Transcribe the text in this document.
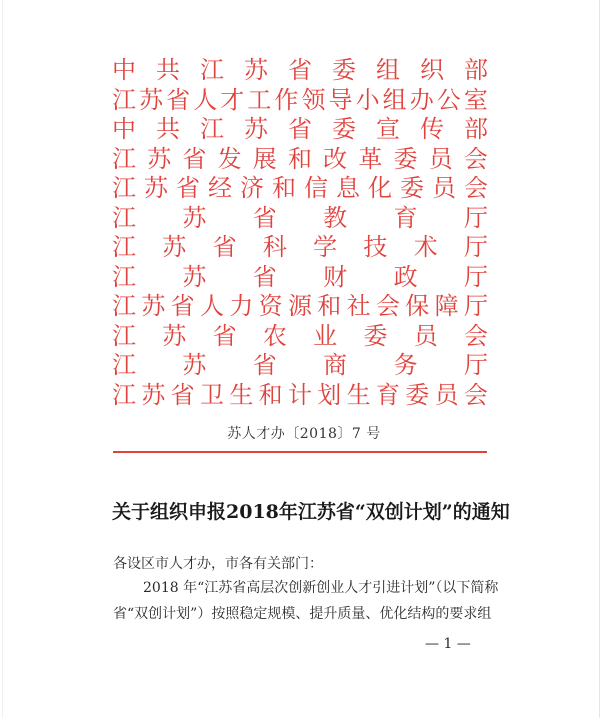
中 共 江 苏 省 委 组 织 部
江 苏 省 人 才 工 作 领 导 小 组 办 公 室
中 共 江 苏 省 委 宣 传 部
江 苏 省 发 展 和 改 革 委 员 会
江 苏 省 经 济 和 信 息 化 委 员 会
江 苏 省 教 育 厅
江 苏 省 科 学 技 术 厅
江 苏 省 财 政 厅
江 苏 省 人 力 资 源 和 社 会 保 障 厅
江 苏 省 农 业 委 员 会
江 苏 省 商 务 厅
江 苏 省 卫 生 和 计 划 生 育 委 员 会
苏人才办〔2018〕7 号
关于组织申报2018年江苏省“双创计划”的通知
各设区市人才办，市各有关部门：
2018 年“江苏省高层次创新创业人才引进计划”（以下简称
省“双创计划”）按照稳定规模、提升质量、优化结构的要求组
— 1 —
